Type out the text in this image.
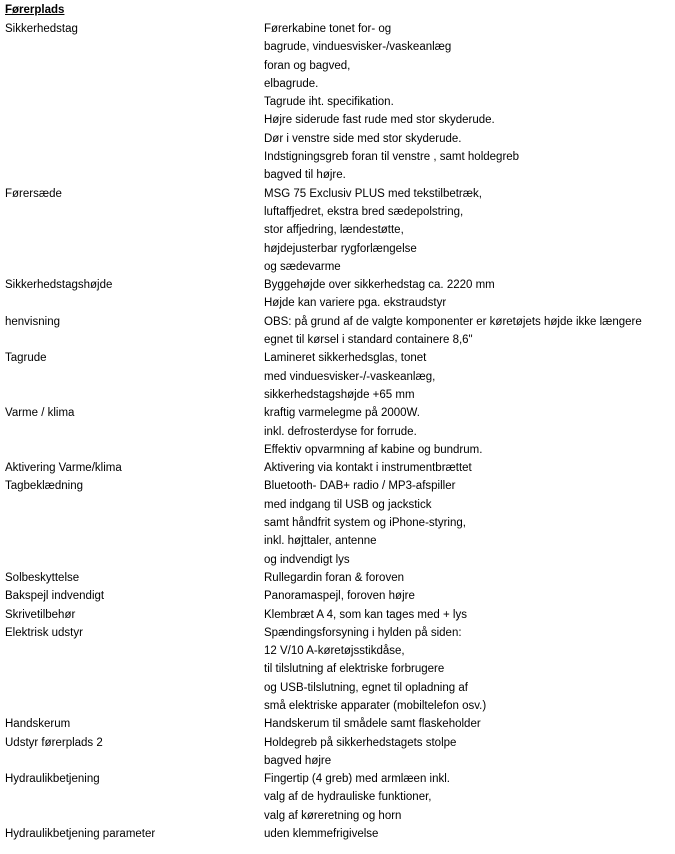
Førerplads
Sikkerhedstag	Førerkabine tonet for- og
bagrude, vinduesvisker-/vaskeanlæg
foran og bagved,
elbagrude.
Tagrude iht. specifikation.
Højre siderude fast rude med stor skyderude.
Dør i venstre side med stor skyderude.
Indstigningsgreb foran til venstre , samt holdegreb
bagved til højre.
Førersæde	MSG 75 Exclusiv PLUS med tekstilbetræk,
luftaffjedret, ekstra bred sædepolstring,
stor affjedring, lændestøtte,
højdejusterbar rygforlængelse
og sædevarme
Sikkerhedstagshøjde	Byggehøjde over sikkerhedstag ca. 2220 mm
Højde kan variere pga. ekstraudstyr
henvisning	OBS: på grund af de valgte komponenter er køretøjets højde ikke længere
egnet til kørsel i standard containere 8,6"
Tagrude	Lamineret sikkerhedsglas, tonet
med vinduesvisker-/-vaskeanlæg,
sikkerhedstagshøjde +65 mm
Varme / klima	kraftig varmelegme på 2000W.
inkl. defrosterdyse for forrude.
Effektiv opvarmning af kabine og bundrum.
Aktivering Varme/klima	Aktivering via kontakt i instrumentbrættet
Tagbeklædning	Bluetooth- DAB+ radio / MP3-afspiller
med indgang til USB og jackstick
samt håndfrit system og iPhone-styring,
inkl. højttaler, antenne
og indvendigt lys
Solbeskyttelse	Rullegardin foran & foroven
Bakspejl indvendigt	Panoramaspejl, foroven højre
Skrivetilbehør	Klembræt A 4, som kan tages med + lys
Elektrisk udstyr	Spændingsforsyning i hylden på siden:
12 V/10 A-køretøjsstikdåse,
til tilslutning af elektriske forbrugere
og USB-tilslutning, egnet til opladning af
små elektriske apparater (mobiltelefon osv.)
Handskerum	Handskerum til smådele samt flaskeholder
Udstyr førerplads 2	Holdegreb på sikkerhedstagets stolpe
bagved højre
Hydraulikbetjening	Fingertip (4 greb) med armlæen inkl.
valg af de hydrauliske funktioner,
valg af køreretning og horn
Hydraulikbetjening parameter	uden klemmefrigivelse
